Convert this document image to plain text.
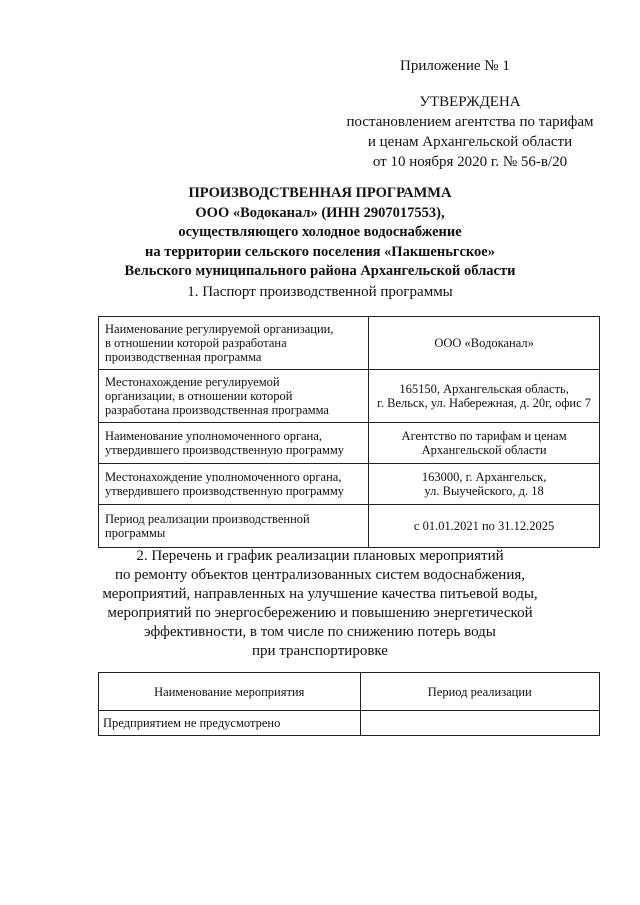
Приложение № 1
УТВЕРЖДЕНА
постановлением агентства по тарифам
и ценам Архангельской области
от 10 ноября 2020 г. № 56-в/20
ПРОИЗВОДСТВЕННАЯ ПРОГРАММА
ООО «Водоканал» (ИНН 2907017553),
осуществляющего холодное водоснабжение
на территории сельского поселения «Пакшеньгское»
Вельского муниципального района Архангельской области
1. Паспорт производственной программы
Наименование регулируемой организации,
в отношении которой разработана
производственная программа	ООО «Водоканал»
Местонахождение регулируемой
организации, в отношении которой
разработана производственная программа	165150, Архангельская область,
г. Вельск, ул. Набережная, д. 20г, офис 7
Наименование уполномоченного органа,
утвердившего производственную программу	Агентство по тарифам и ценам
Архангельской области
Местонахождение уполномоченного органа,
утвердившего производственную программу	163000, г. Архангельск,
ул. Выучейского, д. 18
Период реализации производственной
программы	с 01.01.2021 по 31.12.2025
2. Перечень и график реализации плановых мероприятий
по ремонту объектов централизованных систем водоснабжения,
мероприятий, направленных на улучшение качества питьевой воды,
мероприятий по энергосбережению и повышению энергетической
эффективности, в том числе по снижению потерь воды
при транспортировке
Наименование мероприятия	Период реализации
Предприятием не предусмотрено	
